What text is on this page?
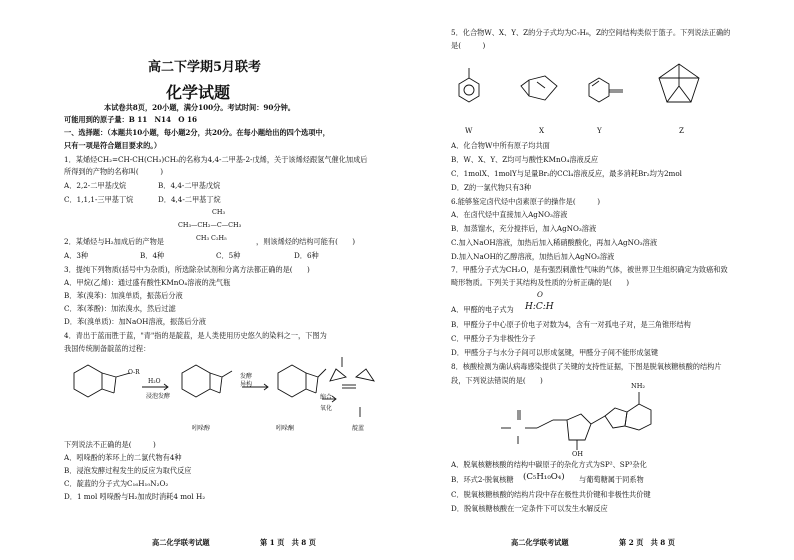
高二下学期5月联考
化学试题
本试卷共8页，20小题，满分100分。考试时间：90分钟。
可能用到的原子量：B 11　N14　O 16
一、选择题：（本题共10小题，每小题2分，共20分。在每小题给出的四个选项中，
只有一项是符合题目要求的。）
1．某烯烃CH₂=CH-CH(CH₃)CH₃的名称为4,4-二甲基-2-戊烯，关于该烯烃跟氢气催化加成后
所得到的产物的名称叫(　　　)
A．2,2-二甲基戊烷	B．4,4-二甲基戊烷
C．1,1,1-三甲基丁烷	D．4,4-二甲基丁烷
CH₃
CH₃—CH₂—C—CH₃
CH₃ C₂H₅
2．某烯烃与H₂加成后的产物是	，则该烯烃的结构可能有(　　)
A．3种	B．4种	C．5种	D．6种
3．提纯下列物质(括号中为杂质)，所选除杂试剂和分离方法都正确的是(　　)
A．甲烷(乙烯)：通过盛有酸性KMnO₄溶液的洗气瓶
B．苯(溴苯)：加溴单质，振荡后分液
C．苯(苯酚)：加浓溴水，然后过滤
D．苯(溴单质)：加NaOH溶液，振荡后分液
4．青出于蓝而胜于蓝，"青"指的是靛蓝，是人类使用历史悠久的染料之一，下图为
我国传统制备靛蓝的过程：
O-R
H₂O
浸泡发酵
发酵
异构
缩合
氧化
吲哚醇	吲哚酮	靛蓝
下列说法不正确的是(　　　)
A．吲哚酚的苯环上的二氯代物有4种
B．浸泡发酵过程发生的反应为取代反应
C．靛蓝的分子式为C₁₆H₁₀N₂O₂
D．1 mol 吲哚酚与H₂加成时消耗4 mol H₂
高二化学联考试题	第 1 页　共 8 页
5．化合物W、X、Y、Z的分子式均为C₇H₈，Z的空间结构类似于篮子。下列说法正确的
是(　　　)
W	X	Y	Z
A．化合物W中所有原子均共面
B．W、X、Y、Z均可与酸性KMnO₄溶液反应
C．1molX、1molY与足量Br₂的CCl₄溶液反应，最多消耗Br₂均为2mol
D．Z的一氯代物只有3种
6.能够鉴定卤代烃中卤素原子的操作是(　　　)
A．在卤代烃中直接加入AgNO₃溶液
B．加蒸馏水，充分搅拌后，加入AgNO₃溶液
C.加入NaOH溶液，加热后加入稀硝酸酸化，再加入AgNO₃溶液
D.加入NaOH的乙醇溶液，加热后加入AgNO₃溶液
7．甲醛分子式为CH₂O，是有强烈刺激性气味的气体，被世界卫生组织确定为致癌和致
畸形物质。下列关于其结构及性质的分析正确的是(　　)
O
A．甲醛的电子式为 H:C:H
B．甲醛分子中心原子价电子对数为4，含有一对孤电子对，是三角锥形结构
C．甲醛分子为非极性分子
D．甲醛分子与水分子间可以形成氢键，甲醛分子间不能形成氢键
8．核酸检测为确认病毒感染提供了关键的支持性证据，下图是脱氧核糖核酸的结构片
段，下列说法错误的是(　　)
NH₂
OH
A．脱氧核糖核酸的结构中碳原子的杂化方式为SP²、SP³杂化
B．环式2-脱氧核糖 (C₅H₁₀O₄) 与葡萄糖属于同系物
C．脱氧核糖核酸的结构片段中存在极性共价键和非极性共价键
D．脱氧核糖核酸在一定条件下可以发生水解反应
高二化学联考试题	第 2 页　共 8 页
